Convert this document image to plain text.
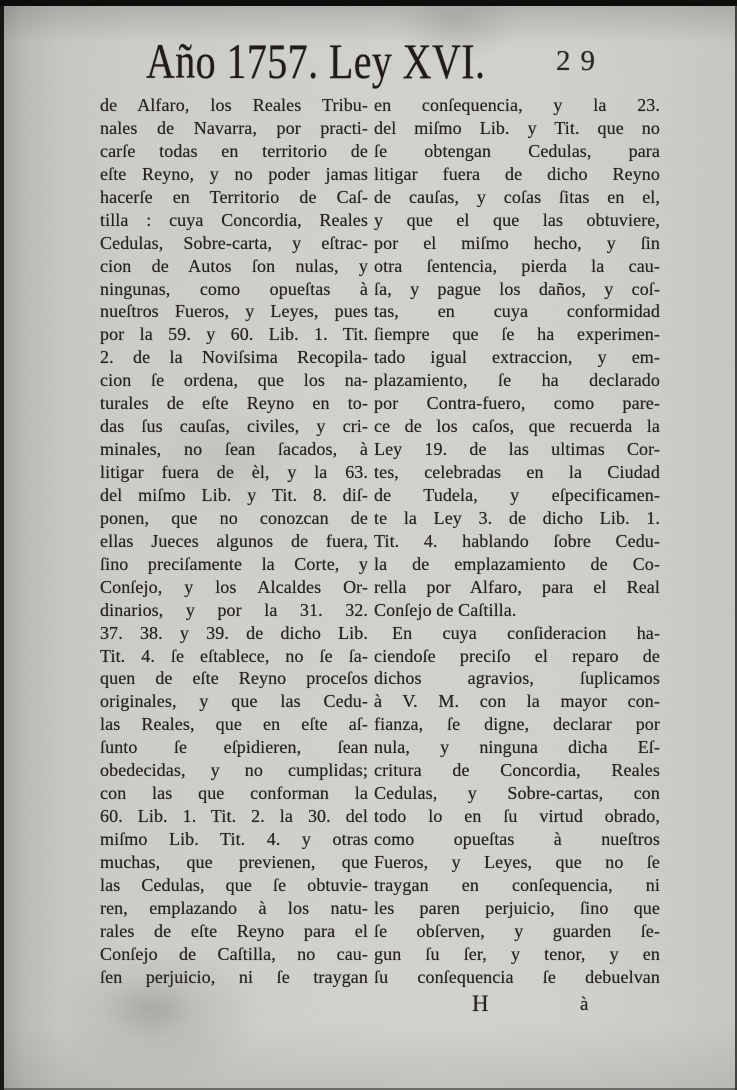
Año 1757. Ley XVI. 29
de Alfaro, los Reales Tribu-
nales de Navarra, por practi-
carſe todas en territorio de
eſte Reyno, y no poder jamas
hacerſe en Territorio de Caſ-
tilla : cuya Concordia, Reales
Cedulas, Sobre-carta, y eſtrac-
cion de Autos ſon nulas, y
ningunas, como opueſtas à
nueſtros Fueros, y Leyes, pues
por la 59. y 60. Lib. 1. Tit.
2. de la Noviſsima Recopila-
cion ſe ordena, que los na-
turales de eſte Reyno en to-
das ſus cauſas, civiles, y cri-
minales, no ſean ſacados, à
litigar fuera de èl, y la 63.
del miſmo Lib. y Tit. 8. diſ-
ponen, que no conozcan de
ellas Jueces algunos de fuera,
ſino preciſamente la Corte, y
Conſejo, y los Alcaldes Or-
dinarios, y por la 31. 32.
37. 38. y 39. de dicho Lib.
Tit. 4. ſe eſtablece, no ſe ſa-
quen de eſte Reyno proceſos
originales, y que las Cedu-
las Reales, que en eſte aſ-
ſunto ſe eſpidieren, ſean
obedecidas, y no cumplidas;
con las que conforman la
60. Lib. 1. Tit. 2. la 30. del
miſmo Lib. Tit. 4. y otras
muchas, que previenen, que
las Cedulas, que ſe obtuvie-
ren, emplazando à los natu-
rales de eſte Reyno para el
Conſejo de Caſtilla, no cau-
ſen perjuicio, ni ſe traygan
en conſequencia, y la 23.
del miſmo Lib. y Tit. que no
ſe obtengan Cedulas, para
litigar fuera de dicho Reyno
de cauſas, y coſas ſitas en el,
y que el que las obtuviere,
por el miſmo hecho, y ſin
otra ſentencia, pierda la cau-
ſa, y pague los daños, y coſ-
tas, en cuya conformidad
ſiempre que ſe ha experimen-
tado igual extraccion, y em-
plazamiento, ſe ha declarado
por Contra-fuero, como pare-
ce de los caſos, que recuerda la
Ley 19. de las ultimas Cor-
tes, celebradas en la Ciudad
de Tudela, y eſpecificamen-
te la Ley 3. de dicho Lib. 1.
Tit. 4. hablando ſobre Cedu-
la de emplazamiento de Co-
rella por Alfaro, para el Real
Conſejo de Caſtilla.
En cuya conſideracion ha-
ciendoſe preciſo el reparo de
dichos agravios, ſuplicamos
à V. M. con la mayor con-
fianza, ſe digne, declarar por
nula, y ninguna dicha Eſ-
critura de Concordia, Reales
Cedulas, y Sobre-cartas, con
todo lo en ſu virtud obrado,
como opueſtas à nueſtros
Fueros, y Leyes, que no ſe
traygan en conſequencia, ni
les paren perjuicio, ſino que
ſe obſerven, y guarden ſe-
gun ſu ſer, y tenor, y en
ſu conſequencia ſe debuelvan
H	à
